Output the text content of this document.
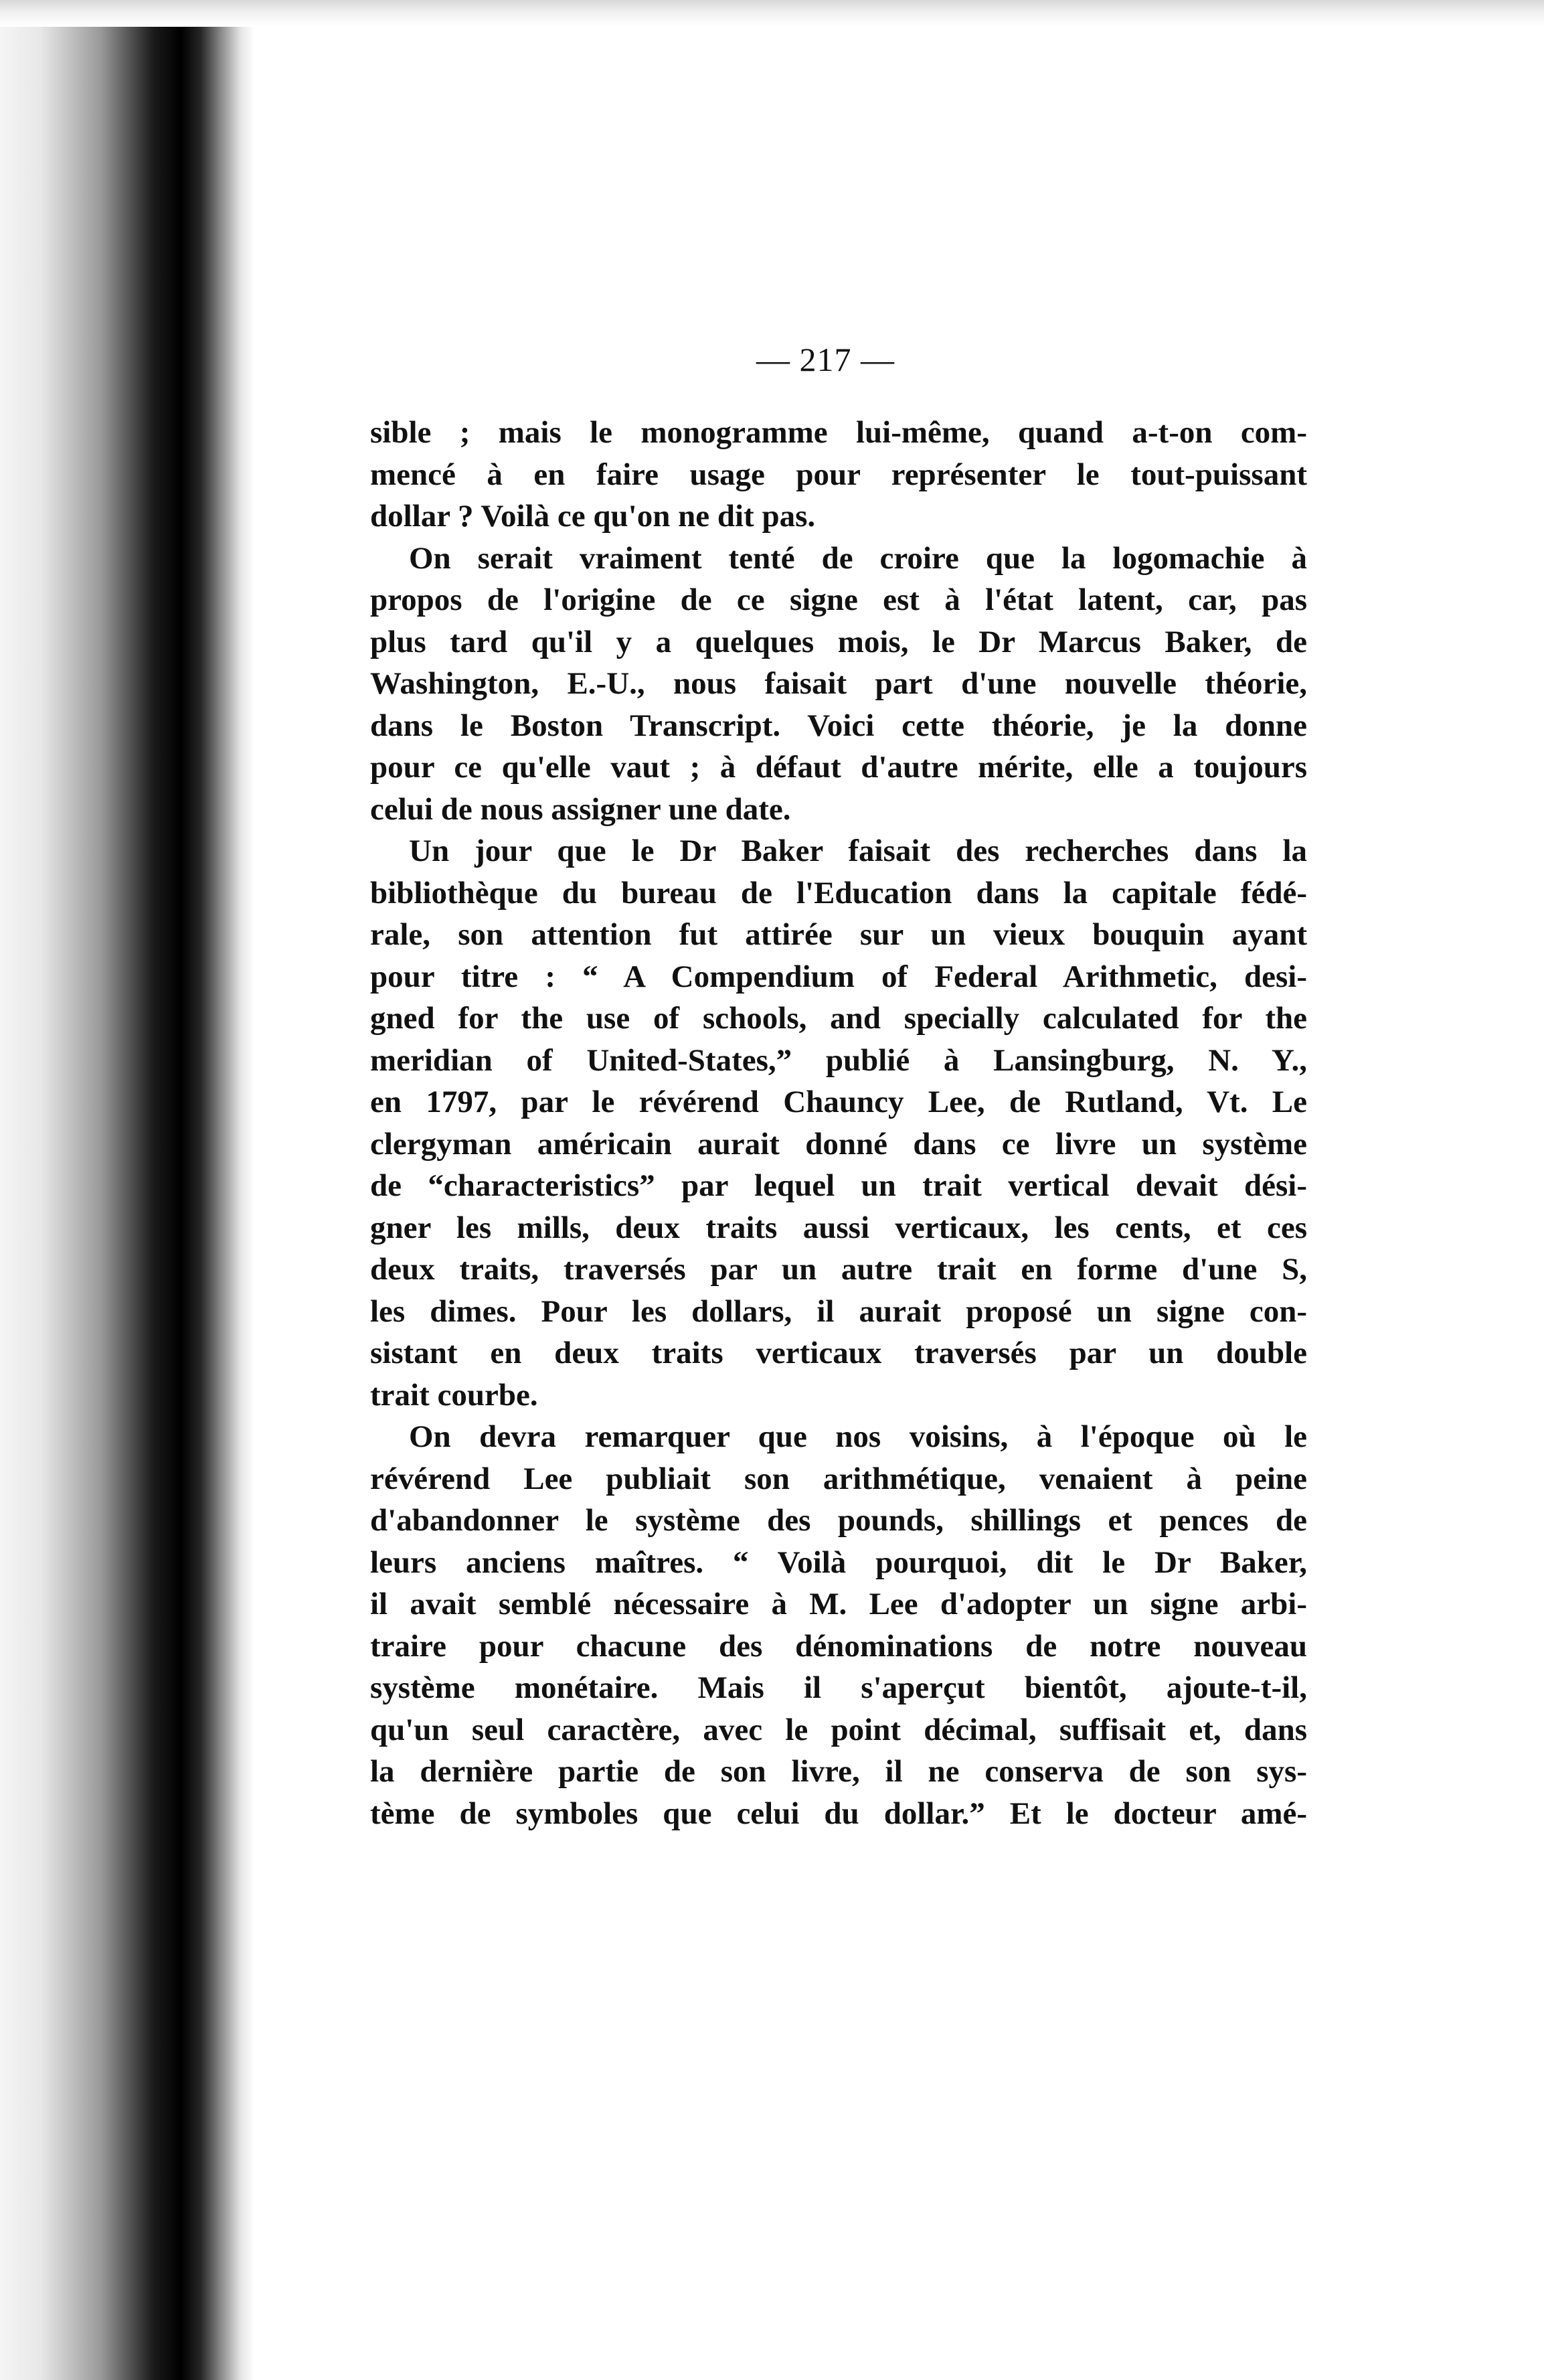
— 217 —
sible ; mais le monogramme lui-même, quand a-t-on com-
mencé à en faire usage pour représenter le tout-puissant
dollar ? Voilà ce qu'on ne dit pas.
On serait vraiment tenté de croire que la logomachie à
propos de l'origine de ce signe est à l'état latent, car, pas
plus tard qu'il y a quelques mois, le Dr Marcus Baker, de
Washington, E.-U., nous faisait part d'une nouvelle théorie,
dans le Boston Transcript. Voici cette théorie, je la donne
pour ce qu'elle vaut ; à défaut d'autre mérite, elle a toujours
celui de nous assigner une date.
Un jour que le Dr Baker faisait des recherches dans la
bibliothèque du bureau de l'Education dans la capitale fédé-
rale, son attention fut attirée sur un vieux bouquin ayant
pour titre : “ A Compendium of Federal Arithmetic, desi-
gned for the use of schools, and specially calculated for the
meridian of United-States,” publié à Lansingburg, N. Y.,
en 1797, par le révérend Chauncy Lee, de Rutland, Vt. Le
clergyman américain aurait donné dans ce livre un système
de “characteristics” par lequel un trait vertical devait dési-
gner les mills, deux traits aussi verticaux, les cents, et ces
deux traits, traversés par un autre trait en forme d'une S,
les dimes. Pour les dollars, il aurait proposé un signe con-
sistant en deux traits verticaux traversés par un double
trait courbe.
On devra remarquer que nos voisins, à l'époque où le
révérend Lee publiait son arithmétique, venaient à peine
d'abandonner le système des pounds, shillings et pences de
leurs anciens maîtres. “ Voilà pourquoi, dit le Dr Baker,
il avait semblé nécessaire à M. Lee d'adopter un signe arbi-
traire pour chacune des dénominations de notre nouveau
système monétaire. Mais il s'aperçut bientôt, ajoute-t-il,
qu'un seul caractère, avec le point décimal, suffisait et, dans
la dernière partie de son livre, il ne conserva de son sys-
tème de symboles que celui du dollar.” Et le docteur amé-
